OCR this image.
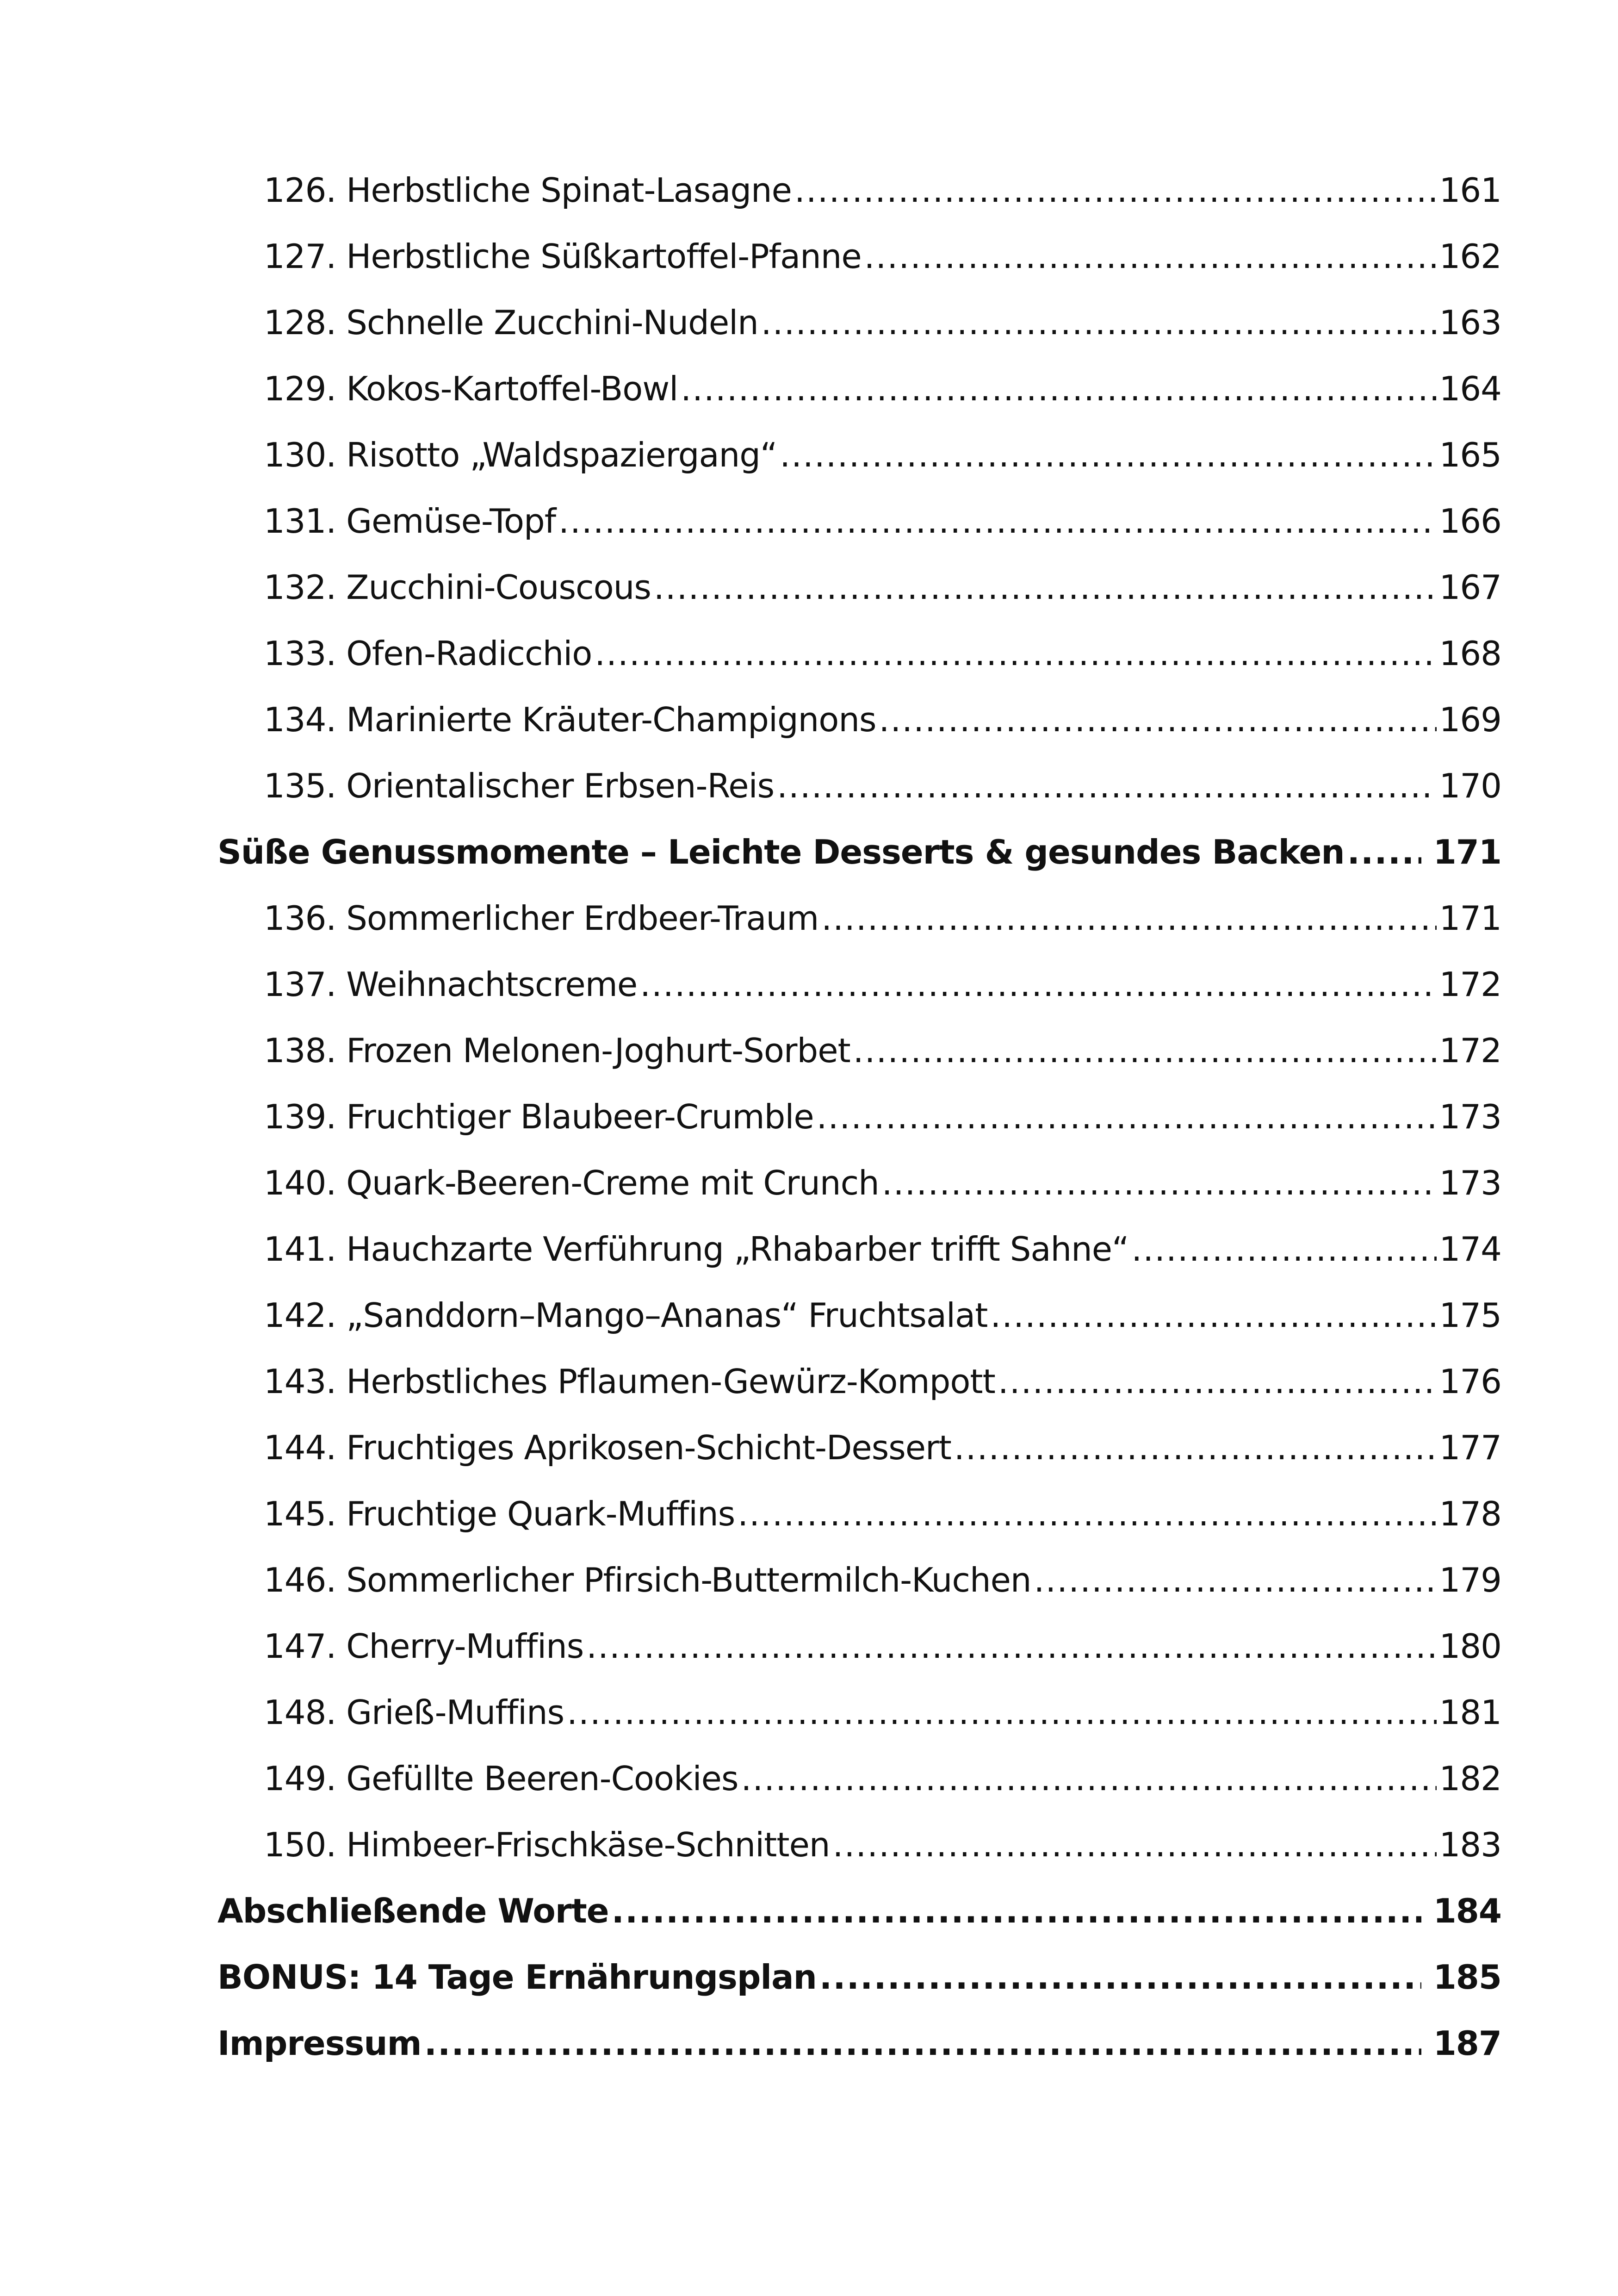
126. Herbstliche Spinat-Lasagne .....	161
127. Herbstliche Süßkartoffel-Pfanne .....	162
128. Schnelle Zucchini-Nudeln .....	163
129. Kokos-Kartoffel-Bowl .....	164
130. Risotto „Waldspaziergang“ .....	165
131. Gemüse-Topf .....	166
132. Zucchini-Couscous .....	167
133. Ofen-Radicchio .....	168
134. Marinierte Kräuter-Champignons .....	169
135. Orientalischer Erbsen-Reis .....	170
Süße Genussmomente – Leichte Desserts & gesundes Backen .....	171
136. Sommerlicher Erdbeer-Traum .....	171
137. Weihnachtscreme .....	172
138. Frozen Melonen-Joghurt-Sorbet .....	172
139. Fruchtiger Blaubeer-Crumble .....	173
140. Quark-Beeren-Creme mit Crunch .....	173
141. Hauchzarte Verführung „Rhabarber trifft Sahne“ .....	174
142. „Sanddorn–Mango–Ananas“ Fruchtsalat .....	175
143. Herbstliches Pflaumen-Gewürz-Kompott .....	176
144. Fruchtiges Aprikosen-Schicht-Dessert .....	177
145. Fruchtige Quark-Muffins .....	178
146. Sommerlicher Pfirsich-Buttermilch-Kuchen .....	179
147. Cherry-Muffins .....	180
148. Grieß-Muffins .....	181
149. Gefüllte Beeren-Cookies .....	182
150. Himbeer-Frischkäse-Schnitten .....	183
Abschließende Worte .....	184
BONUS: 14 Tage Ernährungsplan .....	185
Impressum .....	187
